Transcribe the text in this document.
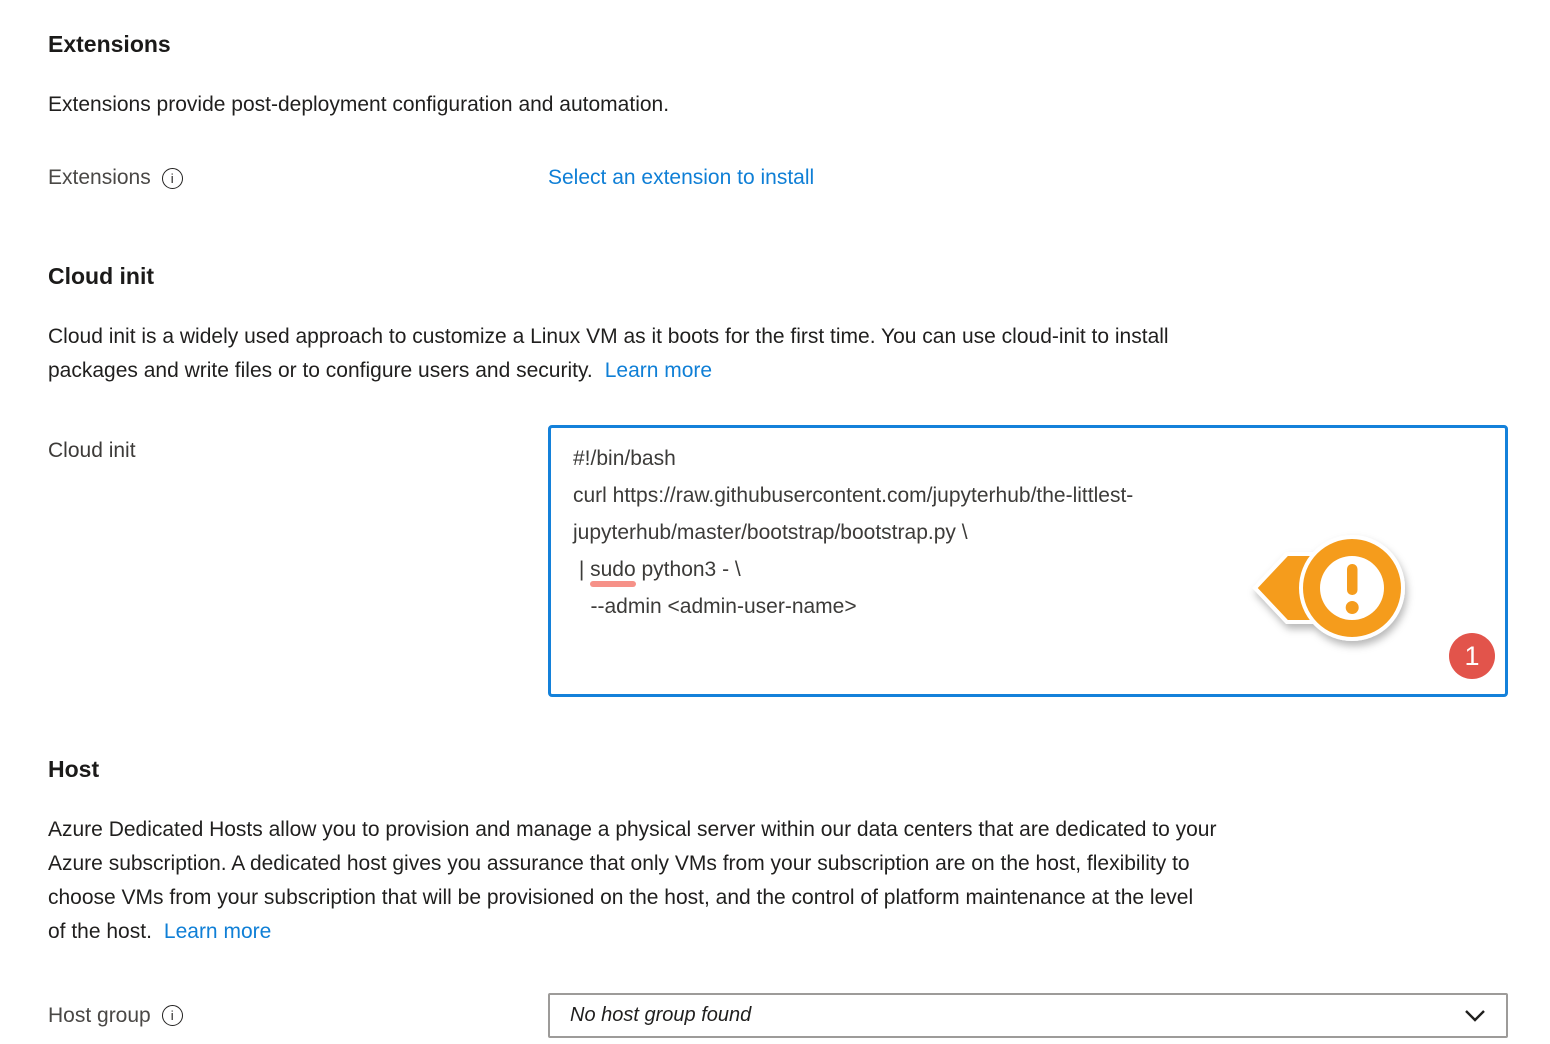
Extensions
Extensions provide post-deployment configuration and automation.
Extensions	i	Select an extension to install
Cloud init
Cloud init is a widely used approach to customize a Linux VM as it boots for the first time. You can use cloud-init to install
packages and write files or to configure users and security. Learn more
Cloud init	#!/bin/bash
curl https://raw.githubusercontent.com/jupyterhub/the-littlest-
jupyterhub/master/bootstrap/bootstrap.py \
| sudo python3 - \
--admin <admin-user-name>
1
Host
Azure Dedicated Hosts allow you to provision and manage a physical server within our data centers that are dedicated to your
Azure subscription. A dedicated host gives you assurance that only VMs from your subscription are on the host, flexibility to
choose VMs from your subscription that will be provisioned on the host, and the control of platform maintenance at the level
of the host. Learn more
Host group	i	No host group found
